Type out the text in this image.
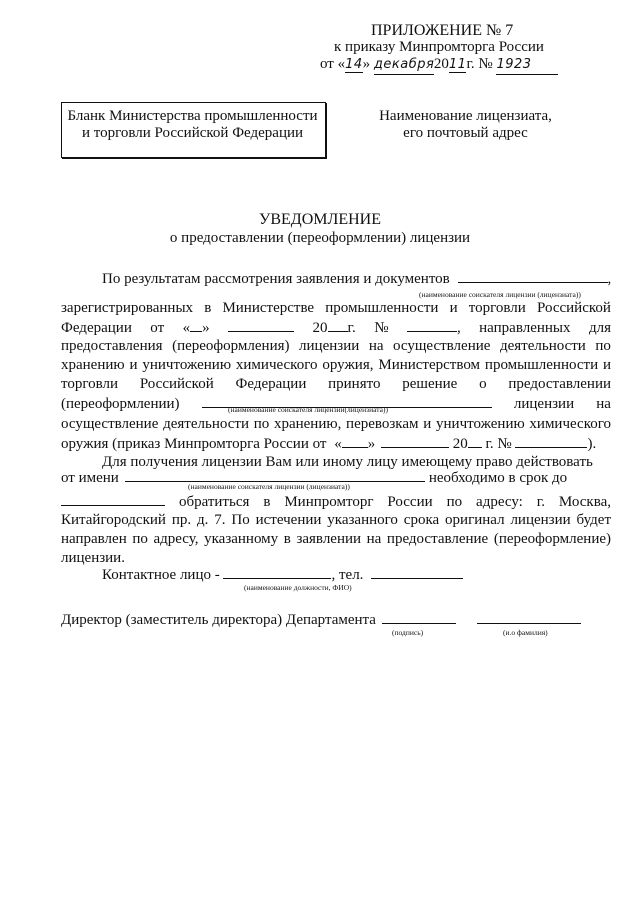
ПРИЛОЖЕНИЕ № 7
к приказу Минпромторга России
от «14» декабря2011г. № 1923
Бланк Министерства промышленности
и торговли Российской Федерации
Наименование лицензиата,
его почтовый адрес
УВЕДОМЛЕНИЕ
о предоставлении (переоформлении) лицензии
По результатам рассмотрения заявления и документов	,
(наименование соискателя лицензии (лицензиата))
зарегистрированных в Министерстве промышленности и торговли Российской
Федерации от « »	20 г. №	, направленных для
предоставления (переоформления) лицензии на осуществление деятельности по
хранению и уничтожению химического оружия, Министерством промышленности и
торговли Российской Федерации принято решение о предоставлении
(переоформлении)	лицензии на
(наименование соискателя лицензии(лицензиата))
осуществление деятельности по хранению, перевозкам и уничтожению химического
оружия (приказ Минпромторга России от « »	20 г. №	).
Для получения лицензии Вам или иному лицу имеющему право действовать
от имени	необходимо в срок до
(наименование соискателя лицензии (лицензиата))
обратиться в Минпромторг России по адресу: г. Москва,
Китайгородский пр. д. 7. По истечении указанного срока оригинал лицензии будет
направлен по адресу, указанному в заявлении на предоставление (переоформление)
лицензии.
Контактное лицо -	, тел.
(наименование должности, ФИО)
Директор (заместитель директора) Департамента
(подпись)	(и.о фамилия)
